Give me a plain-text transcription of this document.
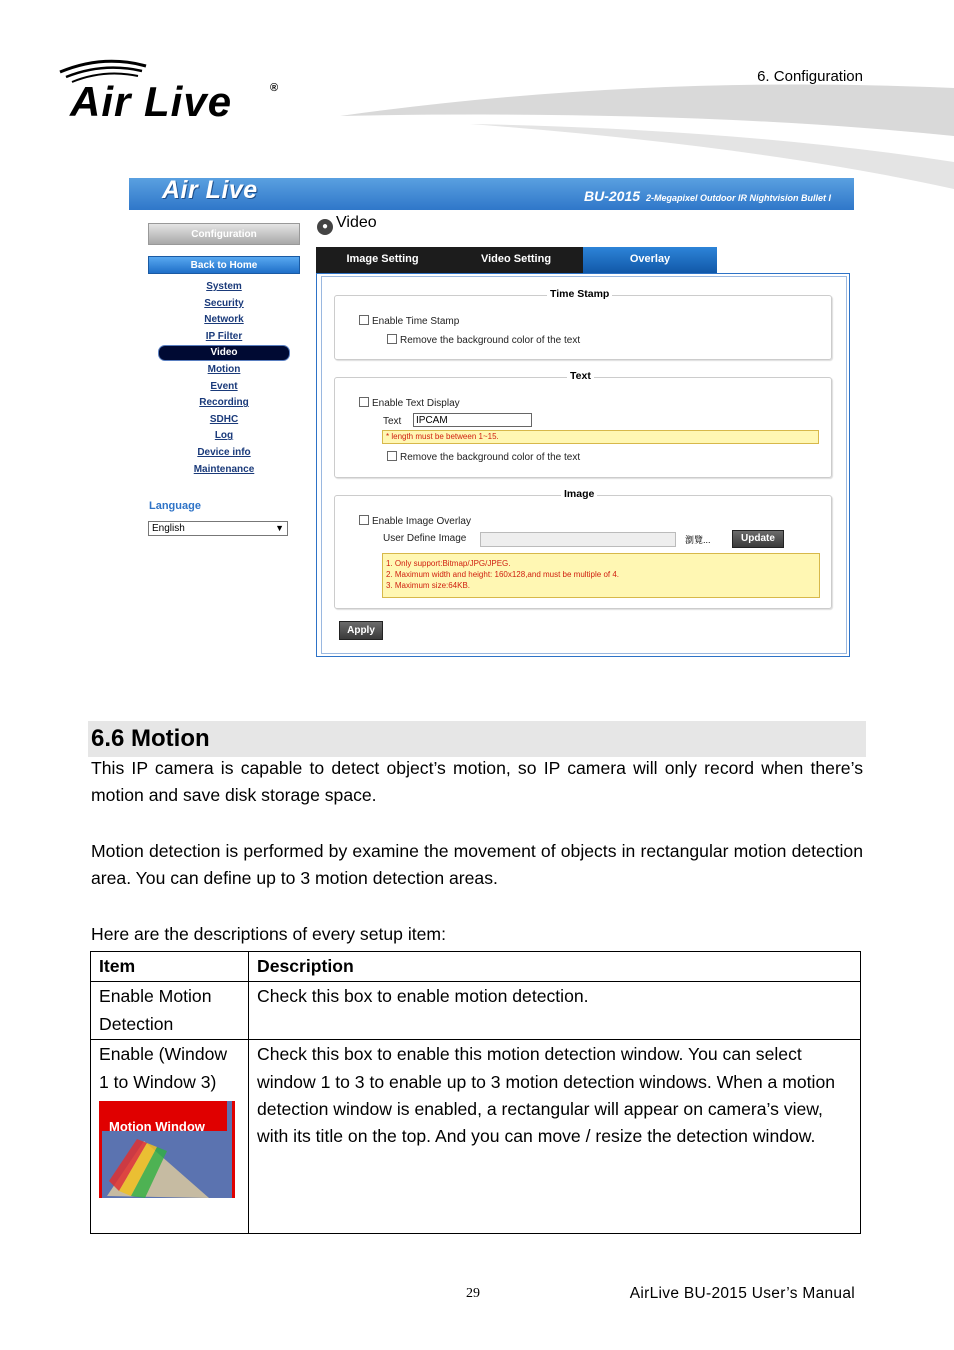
6. Configuration
Air Live	®
Air Live	BU-2015 2-Megapixel Outdoor IR Nightvision Bullet I
Configuration
Back to Home
System
Security
Network
IP Filter
Video
Motion
Event
Recording
SDHC
Log
Device info
Maintenance
Language
English	▼
● Video
Image Setting	Video Setting	Overlay
Time Stamp
Enable Time Stamp
Remove the background color of the text
Text
Enable Text Display
Text	IPCAM
* length must be between 1~15.
Remove the background color of the text
Image
Enable Image Overlay
User Define Image	瀏覽...	Update
1. Only support:Bitmap/JPG/JPEG.
2. Maximum width and height: 160x128,and must be multiple of 4.
3. Maximum size:64KB.
Apply
6.6 Motion

This IP camera is capable to detect object’s motion, so IP camera will only record when there’s motion and save disk storage space.

Motion detection is performed by examine the movement of objects in rectangular motion detection area. You can define up to 3 motion detection areas.

Here are the descriptions of every setup item:

Item	Description
Enable Motion Detection	Check this box to enable motion detection.

Enable (Window 1 to Window 3)
Motion Window	Check this box to enable this motion detection window. You can select window 1 to 3 to enable up to 3 motion detection windows. When a motion detection window is enabled, a rectangular will appear on camera’s view, with its title on the top. And you can move / resize the detection window.
29	AirLive BU-2015 User’s Manual
